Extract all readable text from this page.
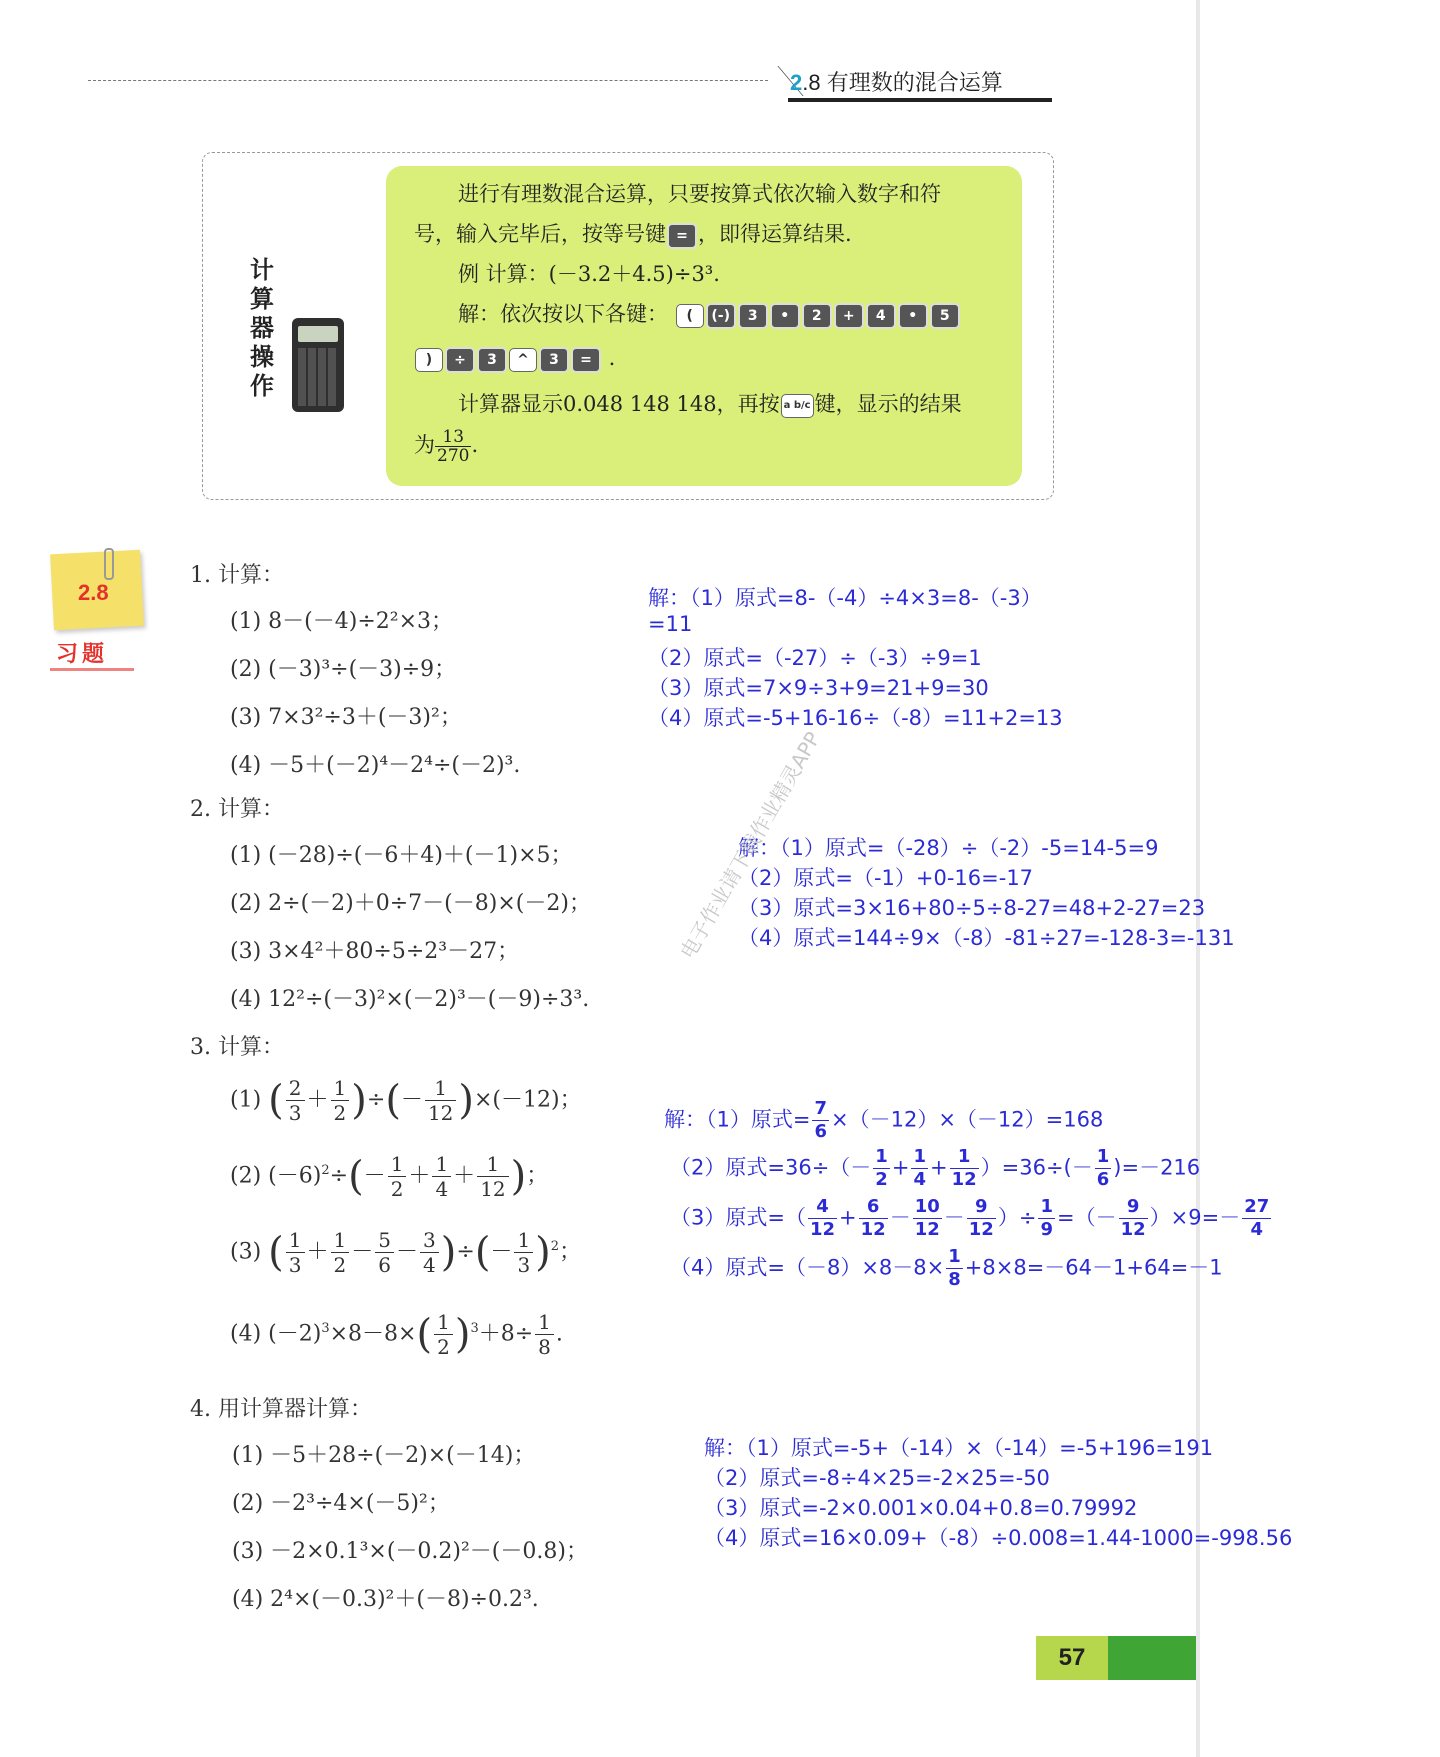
2.8 有理数的混合运算
计
算
器
操
作
进行有理数混合运算，只要按算式依次输入数字和符
号，输入完毕后，按等号键 = ，即得运算结果.
例 计算：(－3.2＋4.5)÷3³.
解：依次按以下各键： ( (-) 3 • 2 + 4 • 5
) ÷ 3 ^ 3 = .
计算器显示0.048 148 148，再按 a b/c 键，显示的结果
为 $\frac{13}{270}$ .
2.8
习题
1. 计算：
(1) 8－(－4)÷2²×3；
(2) (－3)³÷(－3)÷9；
(3) 7×3²÷3＋(－3)²；
(4) －5＋(－2)⁴－2⁴÷(－2)³.
解：（1）原式=8-（-4）÷4×3=8-（-3）
=11
（2）原式=（-27）÷（-3）÷9=1
（3）原式=7×9÷3+9=21+9=30
（4）原式=-5+16-16÷（-8）=11+2=13
2. 计算：
(1) (－28)÷(－6＋4)＋(－1)×5；
(2) 2÷(－2)＋0÷7－(－8)×(－2)；
(3) 3×4²＋80÷5÷2³－27；
(4) 12²÷(－3)²×(－2)³－(－9)÷3³.
解：（1）原式=（-28）÷（-2）-5=14-5=9
（2）原式=（-1）+0-16=-17
（3）原式=3×16+80÷5÷8-27=48+2-27=23
（4）原式=144÷9×（-8）-81÷27=-128-3=-131
电子作业请下载作业精灵APP
3. 计算：
(1) ( $\frac{2}{3} + \frac{1}{2}$ )÷(－ $\frac{1}{12} )\times(-12)$；
(2) $(-6)^2\div(- \frac{1}{2} + \frac{1}{4} + \frac{1}{12}$ )；
(3) ( $\frac{1}{3} + \frac{1}{2} - \frac{5}{6} - \frac{3}{4}$ )÷(－ $\frac{1}{3} )^2$；
(4) $(-2)^3\times 8-8\times( \frac{1}{2} )^3+8\div \frac{1}{8}$ .
解：（1）原式= $\frac{7}{6} \times(-12)\times(-12)=168$
（2）原式$=36\div(- \frac{1}{2} + \frac{1}{4} + \frac{1}{12} )=36\div(- \frac{1}{6} )=-216$
（3）原式=（ $\frac{4}{12} + \frac{6}{12} - \frac{10}{12} - \frac{9}{12}$ ）÷ $\frac{1}{9}$ =（－ $\frac{9}{12} )\times 9=- \frac{27}{4}$
（4）原式$=(-8)\times 8-8\times \frac{1}{8} +8\times 8=-64-1+64=-1$
4. 用计算器计算：
(1) －5＋28÷(－2)×(－14)；
(2) －2³÷4×(－5)²；
(3) －2×0.1³×(－0.2)²－(－0.8)；
(4) 2⁴×(－0.3)²＋(－8)÷0.2³.
解：（1）原式=-5+（-14）×（-14）=-5+196=191
（2）原式=-8÷4×25=-2×25=-50
（3）原式=-2×0.001×0.04+0.8=0.79992
（4）原式=16×0.09+（-8）÷0.008=1.44-1000=-998.56
57
